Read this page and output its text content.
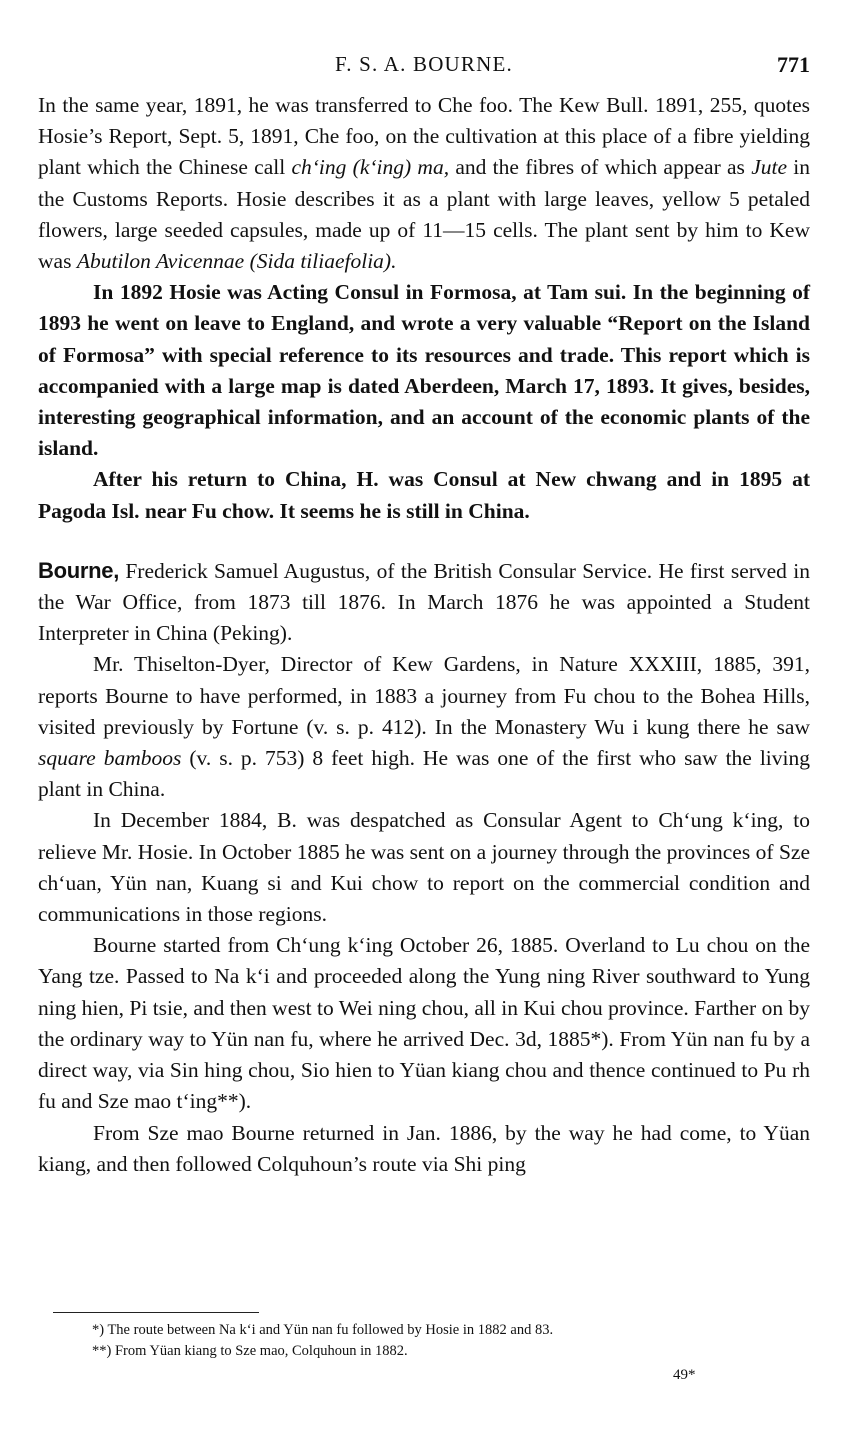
F. S. A. BOURNE.	771

In the same year, 1891, he was transferred to Che foo. The Kew Bull. 1891, 255, quotes Hosie’s Report, Sept. 5, 1891, Che foo, on the cultivation at this place of a fibre yielding plant which the Chinese call ch‘ing (k‘ing) ma, and the fibres of which appear as Jute in the Customs Reports. Hosie describes it as a plant with large leaves, yellow 5 petaled flowers, large seeded capsules, made up of 11—15 cells. The plant sent by him to Kew was Abutilon Avicennae (Sida tiliaefolia).

In 1892 Hosie was Acting Consul in Formosa, at Tam sui. In the beginning of 1893 he went on leave to England, and wrote a very valuable “Report on the Island of Formosa” with special reference to its resources and trade. This report which is accompanied with a large map is dated Aberdeen, March 17, 1893. It gives, besides, interesting geographical information, and an account of the economic plants of the island.

After his return to China, H. was Consul at New chwang and in 1895 at Pagoda Isl. near Fu chow. It seems he is still in China.

Bourne, Frederick Samuel Augustus, of the British Consular Service. He first served in the War Office, from 1873 till 1876. In March 1876 he was appointed a Student Interpreter in China (Peking).

Mr. Thiselton-Dyer, Director of Kew Gardens, in Nature XXXIII, 1885, 391, reports Bourne to have performed, in 1883 a journey from Fu chou to the Bohea Hills, visited previously by Fortune (v. s. p. 412). In the Monastery Wu i kung there he saw square bamboos (v. s. p. 753) 8 feet high. He was one of the first who saw the living plant in China.

In December 1884, B. was despatched as Consular Agent to Ch‘ung k‘ing, to relieve Mr. Hosie. In October 1885 he was sent on a journey through the provinces of Sze ch‘uan, Yün nan, Kuang si and Kui chow to report on the commercial condition and communications in those regions.

Bourne started from Ch‘ung k‘ing October 26, 1885. Overland to Lu chou on the Yang tze. Passed to Na k‘i and proceeded along the Yung ning River southward to Yung ning hien, Pi tsie, and then west to Wei ning chou, all in Kui chou province. Farther on by the ordinary way to Yün nan fu, where he arrived Dec. 3d, 1885*). From Yün nan fu by a direct way, via Sin hing chou, Sio hien to Yüan kiang chou and thence continued to Pu rh fu and Sze mao t‘ing**).

From Sze mao Bourne returned in Jan. 1886, by the way he had come, to Yüan kiang, and then followed Colquhoun’s route via Shi ping

*) The route between Na k‘i and Yün nan fu followed by Hosie in 1882 and 83.

**) From Yüan kiang to Sze mao, Colquhoun in 1882.

49*
